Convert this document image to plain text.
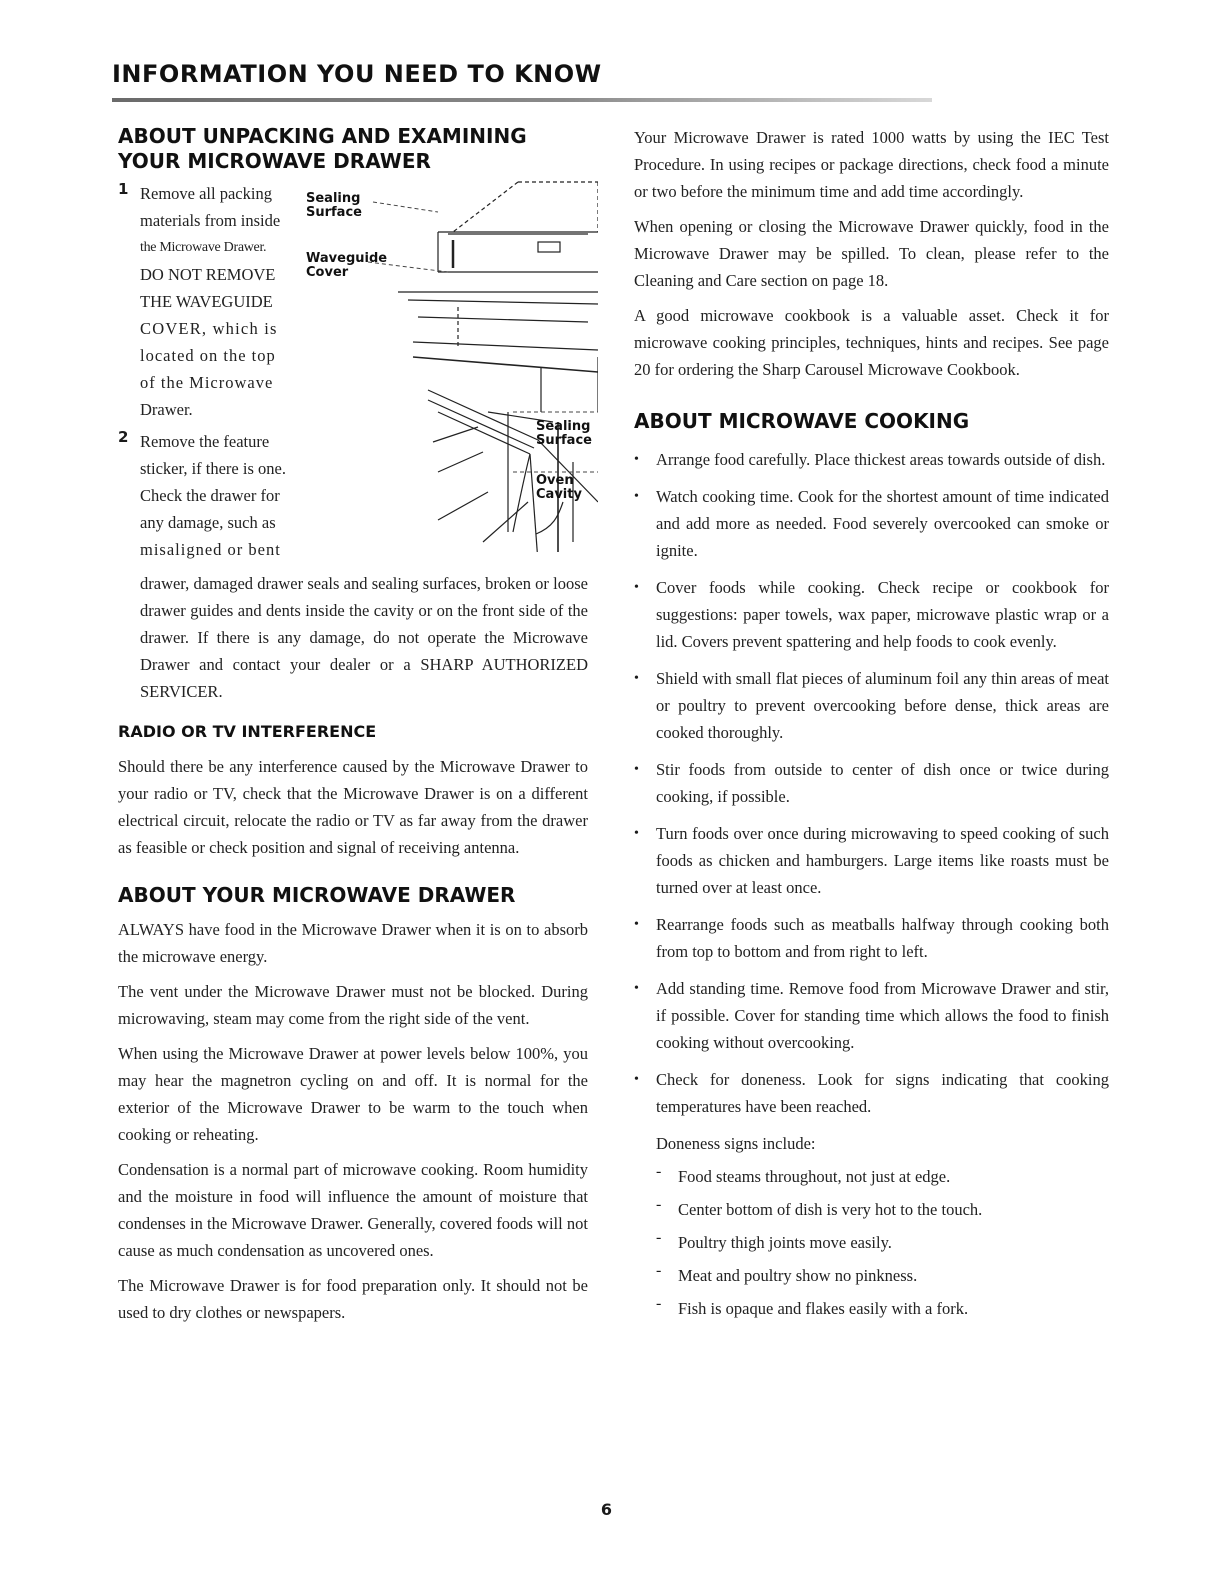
INFORMATION YOU NEED TO KNOW
ABOUT UNPACKING AND EXAMINING
YOUR MICROWAVE DRAWER
1 Remove all packing
materials from inside
the Microwave Drawer.
DO NOT REMOVE
THE WAVEGUIDE
COVER, which is
located on the top
of the Microwave
Drawer.
2 Remove the feature
sticker, if there is one.
Check the drawer for
any damage, such as
misaligned or bent
Sealing
Surface
Waveguide
Cover
Sealing
Surface
Oven
Cavity

drawer, damaged drawer seals and sealing surfaces, broken or loose drawer guides and dents inside the cavity or on the front side of the drawer. If there is any damage, do not operate the Microwave Drawer and contact your dealer or a SHARP AUTHORIZED SERVICER.

RADIO OR TV INTERFERENCE

Should there be any interference caused by the Microwave Drawer to your radio or TV, check that the Microwave Drawer is on a different electrical circuit, relocate the radio or TV as far away from the drawer as feasible or check position and signal of receiving antenna.

ABOUT YOUR MICROWAVE DRAWER

ALWAYS have food in the Microwave Drawer when it is on to absorb the microwave energy.

The vent under the Microwave Drawer must not be blocked. During microwaving, steam may come from the right side of the vent.

When using the Microwave Drawer at power levels below 100%, you may hear the magnetron cycling on and off. It is normal for the exterior of the Microwave Drawer to be warm to the touch when cooking or reheating.

Condensation is a normal part of microwave cooking. Room humidity and the moisture in food will influence the amount of moisture that condenses in the Microwave Drawer. Generally, covered foods will not cause as much condensation as uncovered ones.

The Microwave Drawer is for food preparation only. It should not be used to dry clothes or newspapers.

Your Microwave Drawer is rated 1000 watts by using the IEC Test Procedure. In using recipes or package directions, check food a minute or two before the minimum time and add time accordingly.

When opening or closing the Microwave Drawer quickly, food in the Microwave Drawer may be spilled. To clean, please refer to the Cleaning and Care section on page 18.

A good microwave cookbook is a valuable asset. Check it for microwave cooking principles, techniques, hints and recipes. See page 20 for ordering the Sharp Carousel Microwave Cookbook.

ABOUT MICROWAVE COOKING
• Arrange food carefully. Place thickest areas towards outside of dish.

• Watch cooking time. Cook for the shortest amount of time indicated and add more as needed. Food severely overcooked can smoke or ignite.

• Cover foods while cooking. Check recipe or cookbook for suggestions: paper towels, wax paper, microwave plastic wrap or a lid. Covers prevent spattering and help foods to cook evenly.

• Shield with small flat pieces of aluminum foil any thin areas of meat or poultry to prevent overcooking before dense, thick areas are cooked thoroughly.

• Stir foods from outside to center of dish once or twice during cooking, if possible.

• Turn foods over once during microwaving to speed cooking of such foods as chicken and hamburgers. Large items like roasts must be turned over at least once.

• Rearrange foods such as meatballs halfway through cooking both from top to bottom and from right to left.

• Add standing time. Remove food from Microwave Drawer and stir, if possible. Cover for standing time which allows the food to finish cooking without overcooking.

• Check for doneness. Look for signs indicating that cooking temperatures have been reached.

Doneness signs include:

- Food steams throughout, not just at edge.

- Center bottom of dish is very hot to the touch.

- Poultry thigh joints move easily.

- Meat and poultry show no pinkness.

- Fish is opaque and flakes easily with a fork.

6
